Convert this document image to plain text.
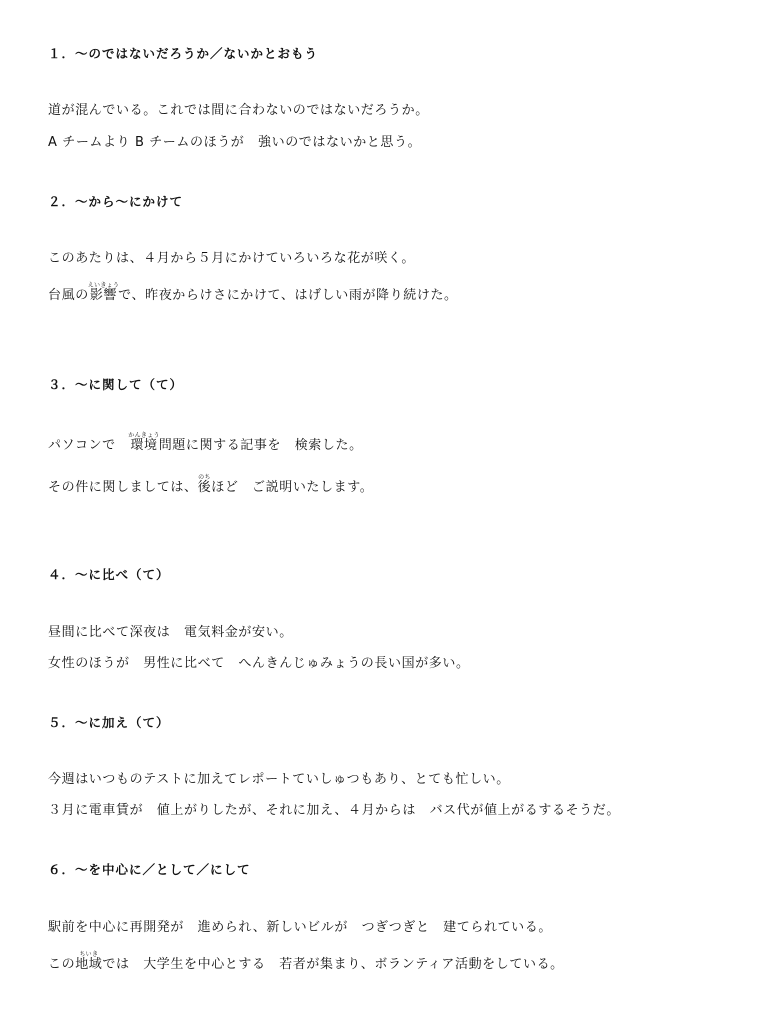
１．～のではないだろうか／ないかとおもう
道が混んでいる。これでは間に合わないのではないだろうか。
A チームより B チームのほうが　強いのではないかと思う。
２．～から～にかけて
このあたりは、４月から５月にかけていろいろな花が咲く。
台風の影響えいきょうで、昨夜からけさにかけて、はげしい雨が降り続けた。
３．～に関して（て）
パソコンで　環境かんきょう問題に関する記事を　検索した。
その件に関しましては、後のちほど　ご説明いたします。
４．～に比べ（て）
昼間に比べて深夜は　電気料金が安い。
女性のほうが　男性に比べて　へんきんじゅみょうの長い国が多い。
５．～に加え（て）
今週はいつものテストに加えてレポートていしゅつもあり、とても忙しい。
３月に電車賃が　値上がりしたが、それに加え、４月からは　バス代が値上がるするそうだ。
６．～を中心に／として／にして
駅前を中心に再開発が　進められ、新しいビルが　つぎつぎと　建てられている。
この地域ちいきでは　大学生を中心とする　若者が集まり、ボランティア活動をしている。
